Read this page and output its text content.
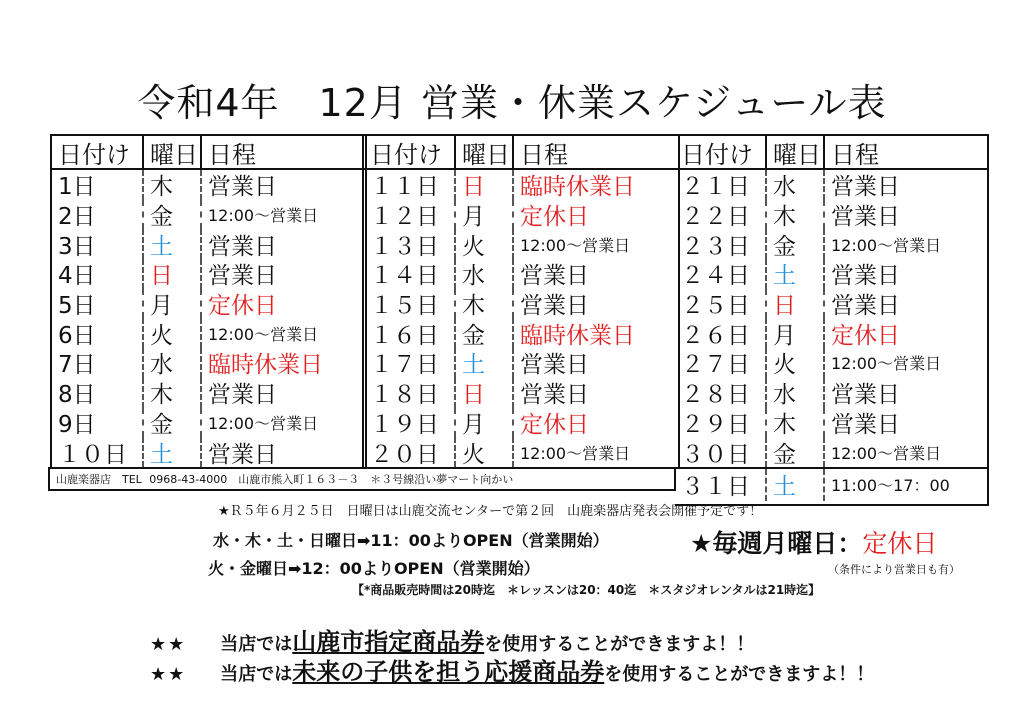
令和4年　12月 営業・休業スケジュール表
日付け 曜日 日程
1日	木	営業日
2日	金	12:00～営業日
3日	土	営業日
4日	日	営業日
5日	月	定休日
6日	火	12:00～営業日
7日	水	臨時休業日
8日	木	営業日
9日	金	12:00～営業日
１０日	土	営業日
日付け 曜日 日程
１１日	日	臨時休業日
１２日	月	定休日
１３日	火	12:00～営業日
１４日	水	営業日
１５日	木	営業日
１６日	金	臨時休業日
１７日	土	営業日
１８日	日	営業日
１９日	月	定休日
２０日	火	12:00～営業日
日付け 曜日 日程
２１日	水	営業日
２２日	木	営業日
２３日	金	12:00～営業日
２４日	土	営業日
２５日	日	営業日
２６日	月	定休日
２７日	火	12:00～営業日
２８日	水	営業日
２９日	木	営業日
３０日	金	12:00～営業日
３１日	土	11:00～17：00
山鹿楽器店　TEL 0968-43-4000　山鹿市熊入町１６３－３　＊３号線沿い夢マート向かい
★Ｒ５年６月２５日　日曜日は山鹿交流センターで第２回　山鹿楽器店発表会開催予定です！
水・木・土・日曜日➡11：00よりOPEN（営業開始）
火・金曜日➡12：00よりOPEN（営業開始）
★毎週月曜日：定休日
（条件により営業日も有）
【*商品販売時間は20時迄　＊レッスンは20：40迄　＊スタジオレンタルは21時迄】
★★ 当店では山鹿市指定商品券を使用することができますよ！！
★★ 当店では未来の子供を担う応援商品券を使用することができますよ！！
